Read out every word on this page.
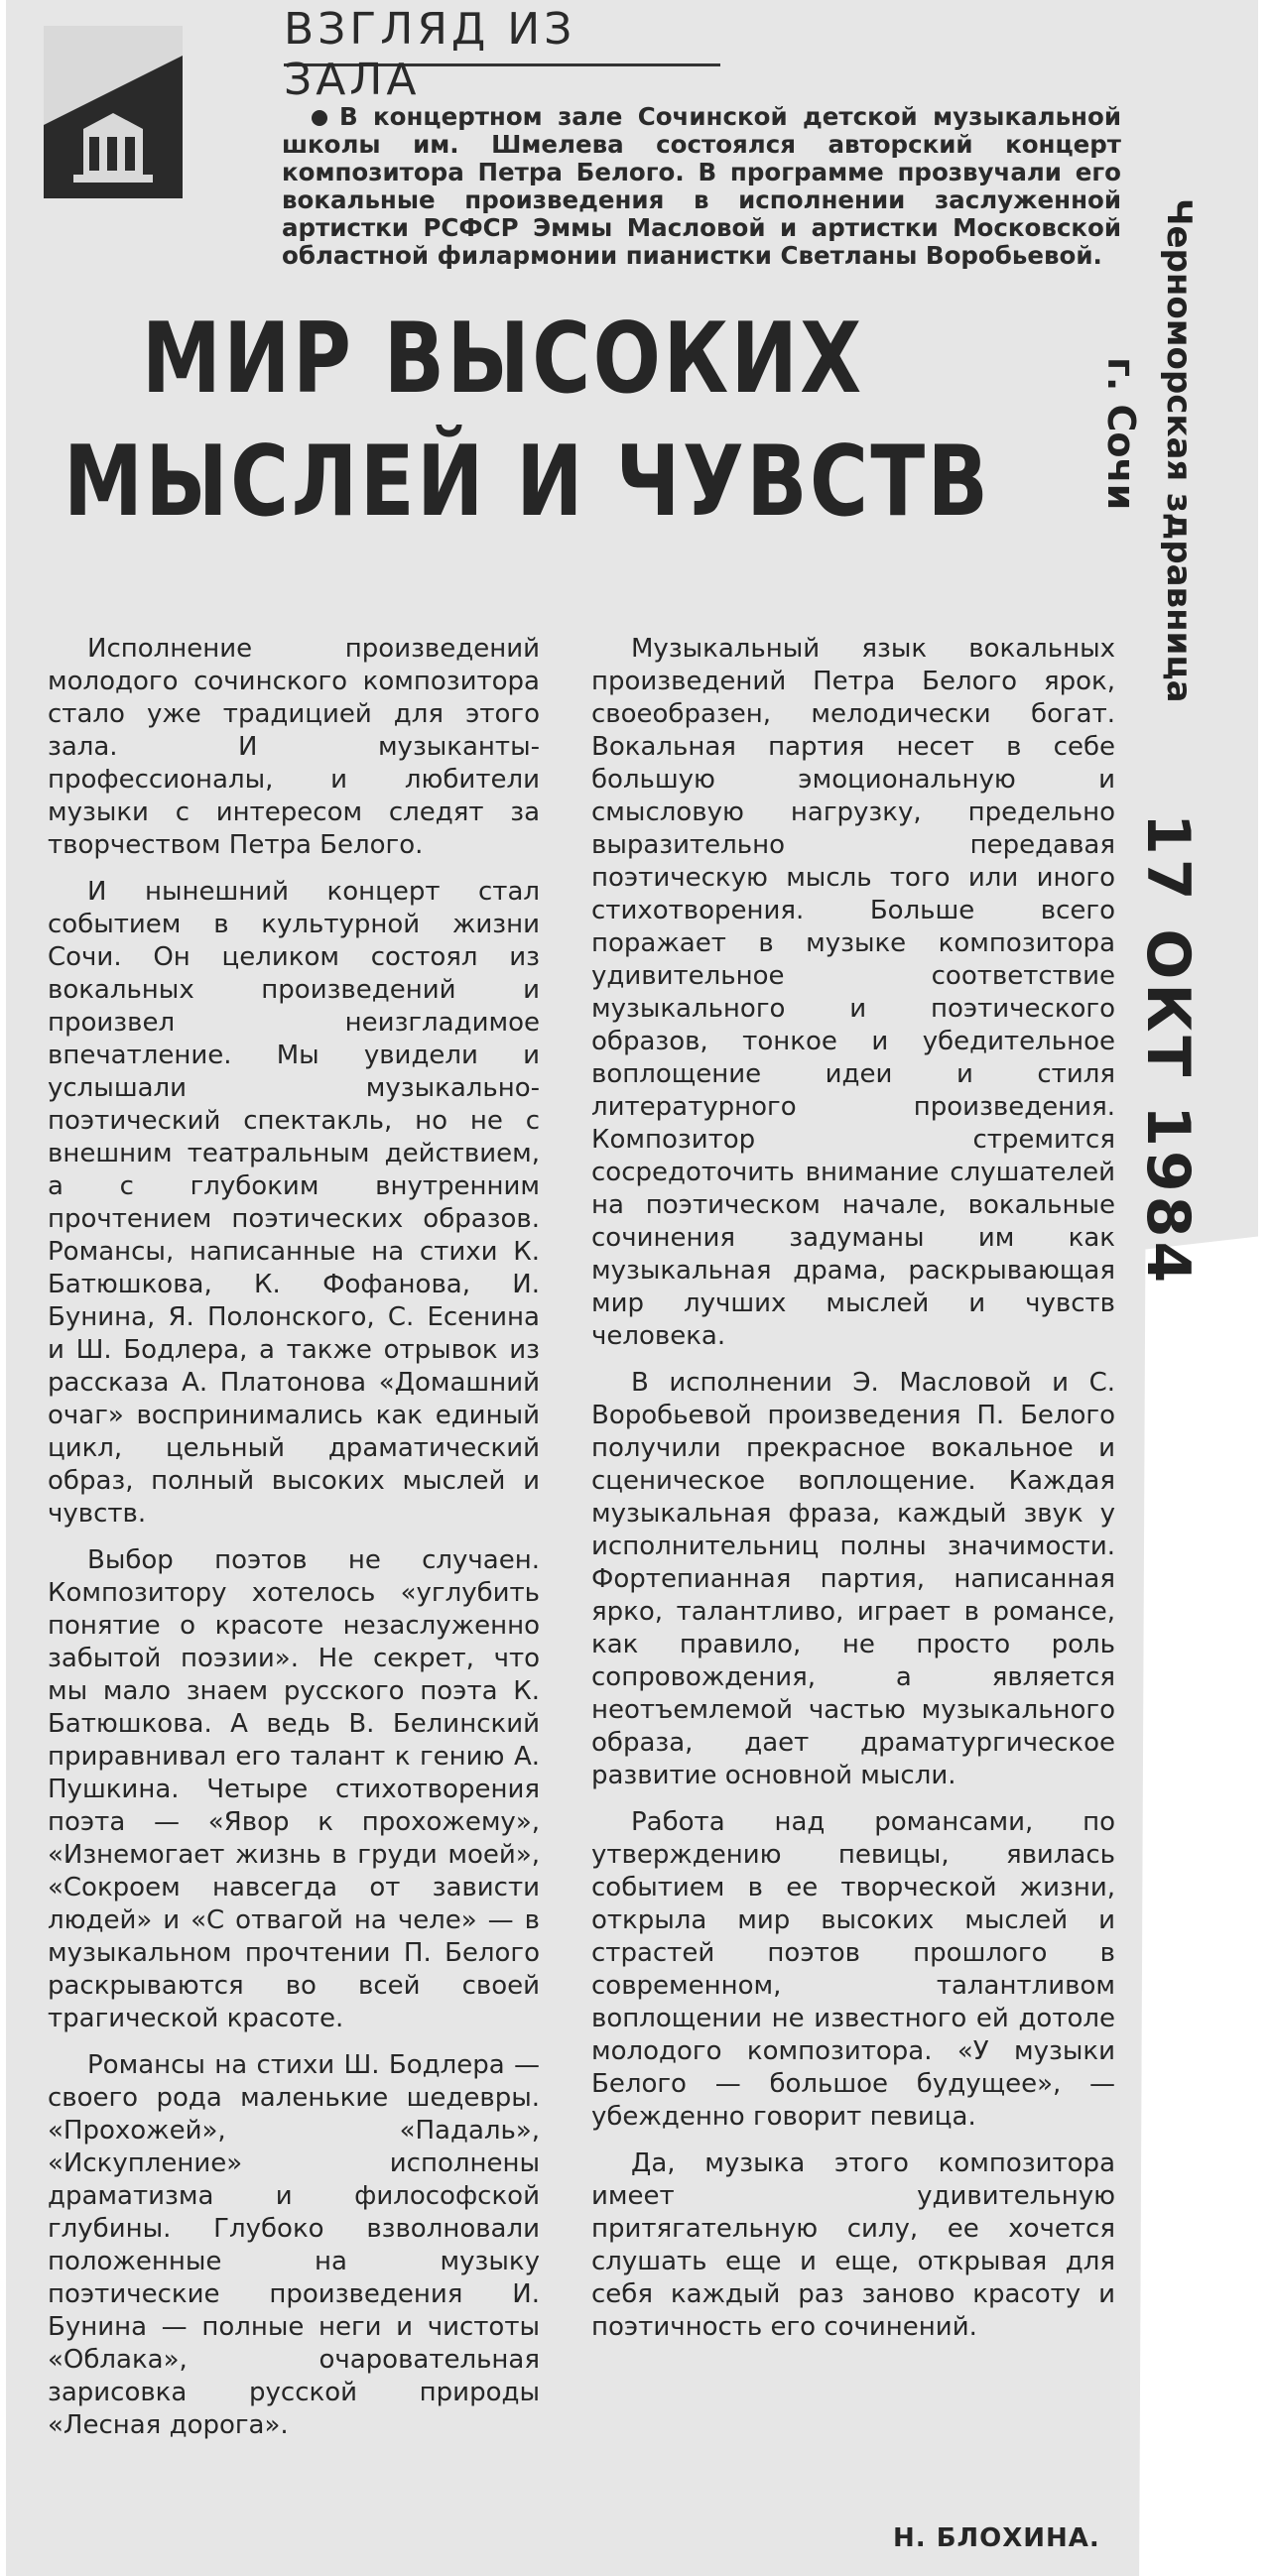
ВЗГЛЯД ИЗ ЗАЛА
В концертном зале Сочинской детской музыкальной школы им. Шмелева состоялся авторский концерт композитора Петра Белого. В программе прозвучали его вокальные произведения в исполнении заслуженной артистки РСФСР Эммы Масловой и артистки Московской областной филармонии пианистки Светланы Воробьевой.
МИР ВЫСОКИХ
МЫСЛЕЙ И ЧУВСТВ	Черноморская здравница
г. Сочи
17 ОКТ 1984

Исполнение произведений молодого сочинского композитора стало уже традицией для этого зала. И музыканты-профессионалы, и любители музыки с интересом следят за творчеством Петра Белого.

И нынешний концерт стал событием в культурной жизни Сочи. Он целиком состоял из вокальных произведений и произвел неизгладимое впечатление. Мы увидели и услышали музыкально-поэтический спектакль, но не с внешним театральным действием, а с глубоким внутренним прочтением поэтических образов. Романсы, написанные на стихи К. Батюшкова, К. Фофанова, И. Бунина, Я. Полонского, С. Есенина и Ш. Бодлера, а также отрывок из рассказа А. Платонова «Домашний очаг» воспринимались как единый цикл, цельный драматический образ, полный высоких мыслей и чувств.

Выбор поэтов не случаен. Композитору хотелось «углубить понятие о красоте незаслуженно забытой поэзии». Не секрет, что мы мало знаем русского поэта К. Батюшкова. А ведь В. Белинский приравнивал его талант к гению А. Пушкина. Четыре стихотворения поэта — «Явор к прохожему», «Изнемогает жизнь в груди моей», «Сокроем навсегда от зависти людей» и «С отвагой на челе» — в музыкальном прочтении П. Белого раскрываются во всей своей трагической красоте.

Романсы на стихи Ш. Бодлера — своего рода маленькие шедевры. «Прохожей», «Падаль», «Искупление» исполнены драматизма и философской глубины. Глубоко взволновали положенные на музыку поэтические произведения И. Бунина — полные неги и чистоты «Облака», очаровательная зарисовка русской природы «Лесная дорога».

Музыкальный язык вокальных произведений Петра Белого ярок, своеобразен, мелодически богат. Вокальная партия несет в себе большую эмоциональную и смысловую нагрузку, предельно выразительно передавая поэтическую мысль того или иного стихотворения. Больше всего поражает в музыке композитора удивительное соответствие музыкального и поэтического образов, тонкое и убедительное воплощение идеи и стиля литературного произведения. Композитор стремится сосредоточить внимание слушателей на поэтическом начале, вокальные сочинения задуманы им как музыкальная драма, раскрывающая мир лучших мыслей и чувств человека.

В исполнении Э. Масловой и С. Воробьевой произведения П. Белого получили прекрасное вокальное и сценическое воплощение. Каждая музыкальная фраза, каждый звук у исполнительниц полны значимости. Фортепианная партия, написанная ярко, талантливо, играет в романсе, как правило, не просто роль сопровождения, а является неотъемлемой частью музыкального образа, дает драматургическое развитие основной мысли.

Работа над романсами, по утверждению певицы, явилась событием в ее творческой жизни, открыла мир высоких мыслей и страстей поэтов прошлого в современном, талантливом воплощении не известного ей дотоле молодого композитора. «У музыки Белого — большое будущее», — убежденно говорит певица.

Да, музыка этого композитора имеет удивительную притягательную силу, ее хочется слушать еще и еще, открывая для себя каждый раз заново красоту и поэтичность его сочинений.

Н. БЛОХИНА.
